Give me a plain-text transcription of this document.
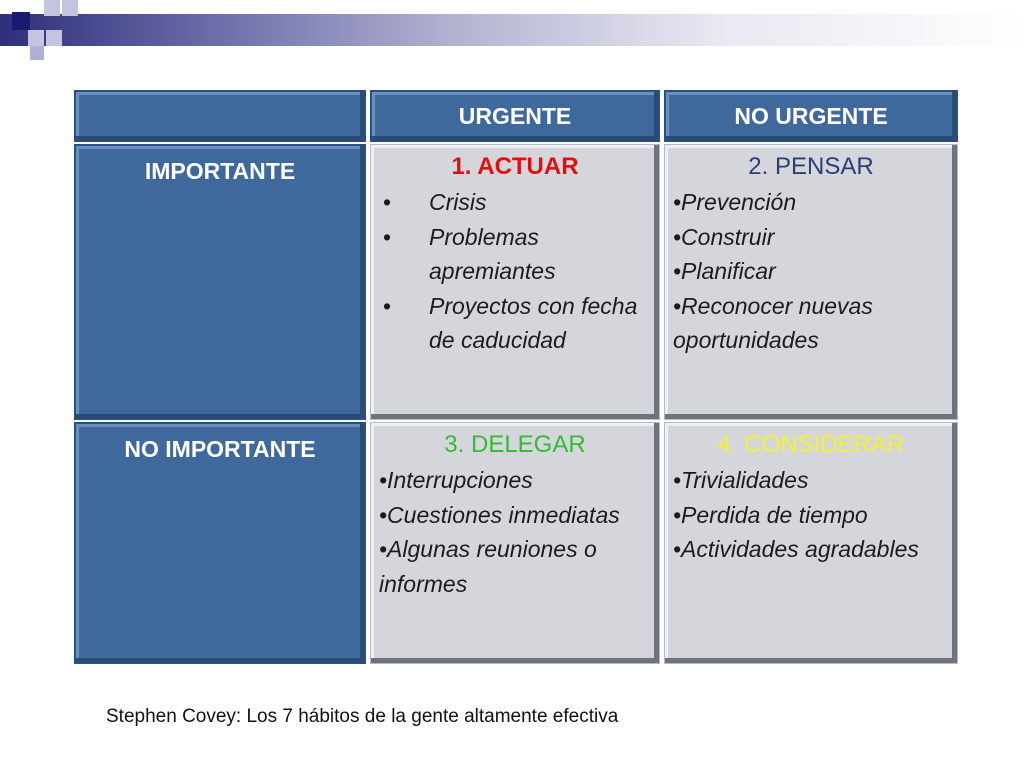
URGENTE	NO URGENTE
IMPORTANTE
NO IMPORTANTE
1. ACTUAR
• Crisis
• Problemas apremiantes
• Proyectos con fecha de caducidad
2. PENSAR
•Prevención
•Construir
•Planificar
•Reconocer nuevas oportunidades
3. DELEGAR
•Interrupciones
•Cuestiones inmediatas
•Algunas reuniones o informes
4. CONSIDERAR
•Trivialidades
•Perdida de tiempo
•Actividades agradables
Stephen Covey: Los 7 hábitos de la gente altamente efectiva
